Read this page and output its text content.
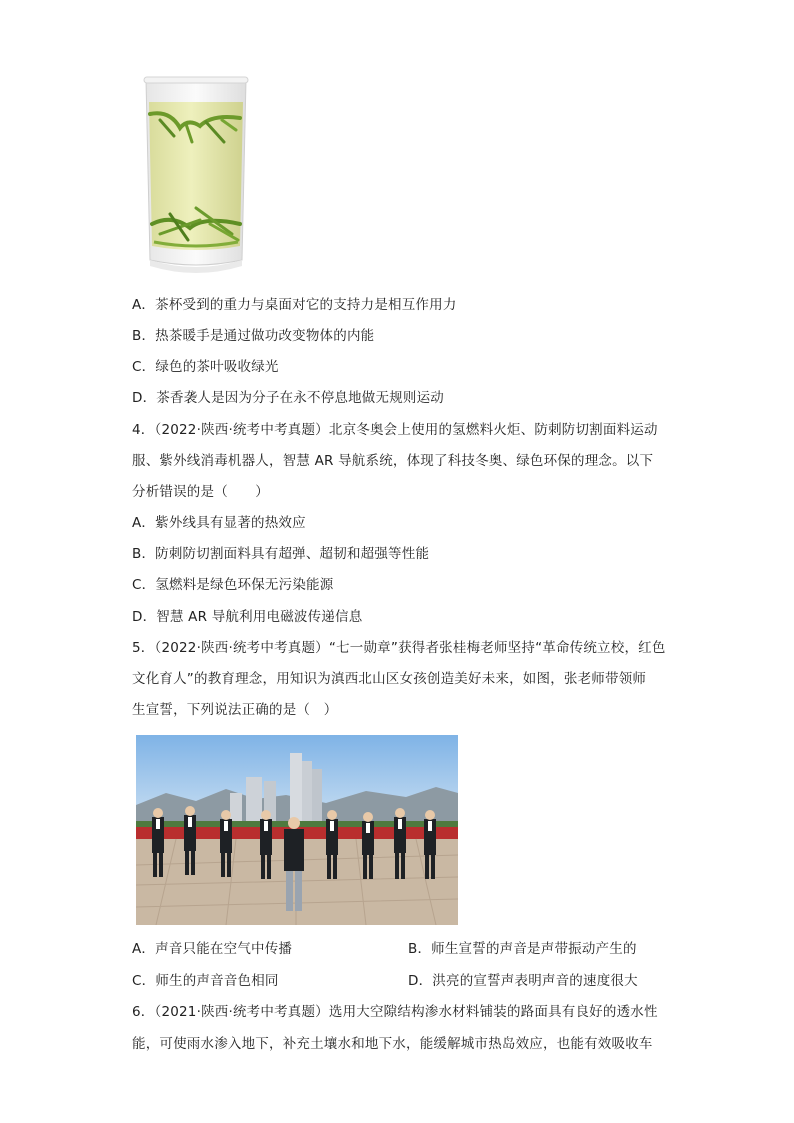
A．茶杯受到的重力与桌面对它的支持力是相互作用力
B．热茶暖手是通过做功改变物体的内能
C．绿色的茶叶吸收绿光
D．茶香袭人是因为分子在永不停息地做无规则运动
4．（2022·陕西·统考中考真题）北京冬奥会上使用的氢燃料火炬、防刺防切割面料运动
服、紫外线消毒机器人，智慧 AR 导航系统，体现了科技冬奥、绿色环保的理念。以下
分析错误的是（　　）
A．紫外线具有显著的热效应
B．防刺防切割面料具有超弹、超韧和超强等性能
C．氢燃料是绿色环保无污染能源
D．智慧 AR 导航利用电磁波传递信息
5．（2022·陕西·统考中考真题）“七一勋章”获得者张桂梅老师坚持“革命传统立校，红色
文化育人”的教育理念，用知识为滇西北山区女孩创造美好未来，如图，张老师带领师
生宣誓，下列说法正确的是（　）
A．声音只能在空气中传播	B．师生宣誓的声音是声带振动产生的
C．师生的声音音色相同	D．洪亮的宣誓声表明声音的速度很大
6．（2021·陕西·统考中考真题）选用大空隙结构渗水材料铺装的路面具有良好的透水性
能，可使雨水渗入地下，补充土壤水和地下水，能缓解城市热岛效应，也能有效吸收车
